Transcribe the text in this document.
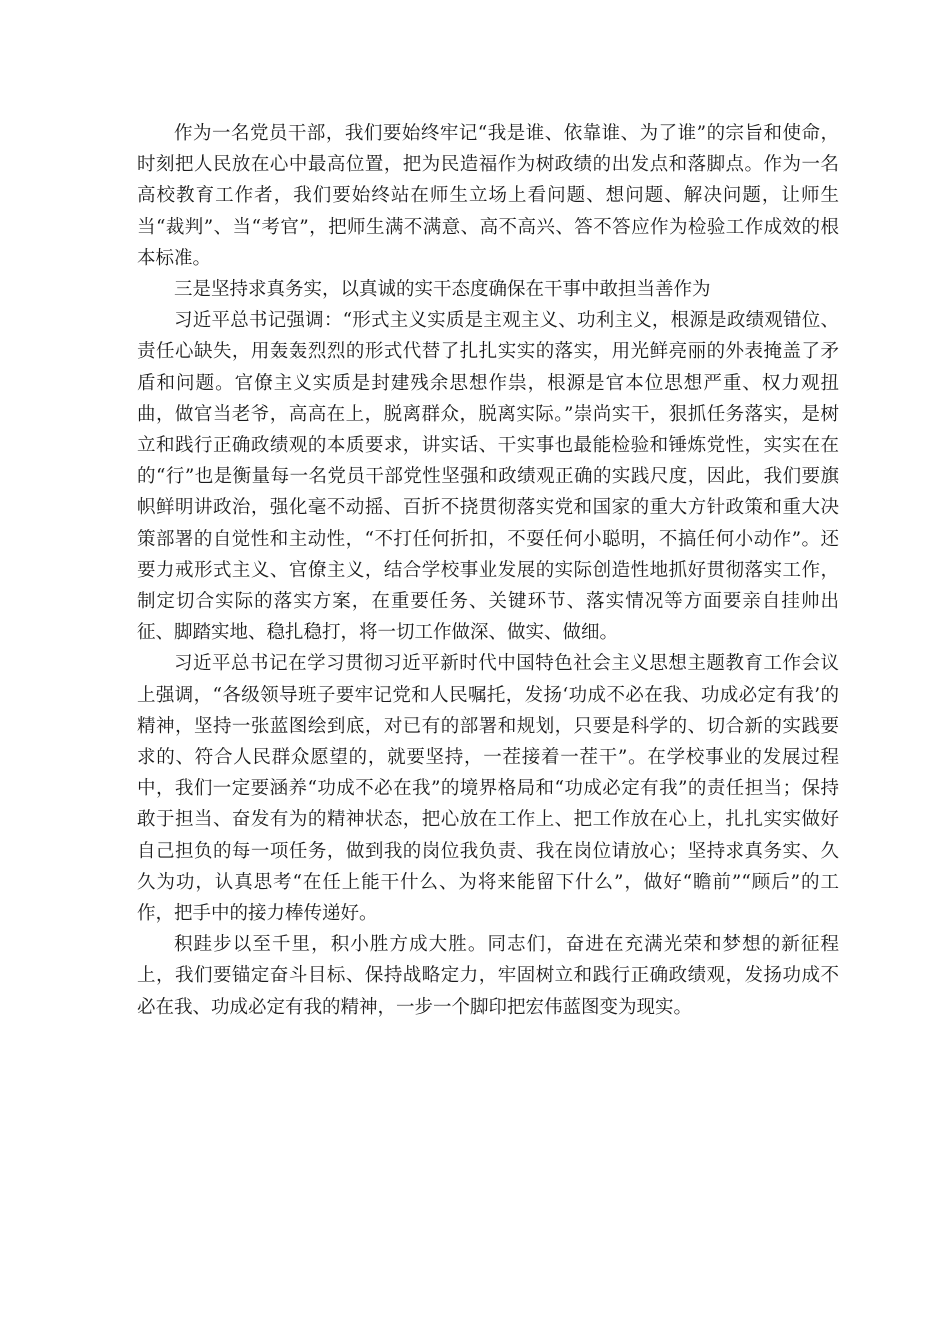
作为一名党员干部，我们要始终牢记“我是谁、依靠谁、为了谁”的宗旨和使命，时刻把人民放在心中最高位置，把为民造福作为树政绩的出发点和落脚点。作为一名高校教育工作者，我们要始终站在师生立场上看问题、想问题、解决问题，让师生当“裁判”、当“考官”，把师生满不满意、高不高兴、答不答应作为检验工作成效的根本标准。

三是坚持求真务实，以真诚的实干态度确保在干事中敢担当善作为

习近平总书记强调：“形式主义实质是主观主义、功利主义，根源是政绩观错位、责任心缺失，用轰轰烈烈的形式代替了扎扎实实的落实，用光鲜亮丽的外表掩盖了矛盾和问题。官僚主义实质是封建残余思想作祟，根源是官本位思想严重、权力观扭曲，做官当老爷，高高在上，脱离群众，脱离实际。”崇尚实干，狠抓任务落实，是树立和践行正确政绩观的本质要求，讲实话、干实事也最能检验和锤炼党性，实实在在的“行”也是衡量每一名党员干部党性坚强和政绩观正确的实践尺度，因此，我们要旗帜鲜明讲政治，强化毫不动摇、百折不挠贯彻落实党和国家的重大方针政策和重大决策部署的自觉性和主动性，“不打任何折扣，不耍任何小聪明，不搞任何小动作”。还要力戒形式主义、官僚主义，结合学校事业发展的实际创造性地抓好贯彻落实工作，制定切合实际的落实方案，在重要任务、关键环节、落实情况等方面要亲自挂帅出征、脚踏实地、稳扎稳打，将一切工作做深、做实、做细。

习近平总书记在学习贯彻习近平新时代中国特色社会主义思想主题教育工作会议上强调，“各级领导班子要牢记党和人民嘱托，发扬‘功成不必在我、功成必定有我’的精神，坚持一张蓝图绘到底，对已有的部署和规划，只要是科学的、切合新的实践要求的、符合人民群众愿望的，就要坚持，一茬接着一茬干”。在学校事业的发展过程中，我们一定要涵养“功成不必在我”的境界格局和“功成必定有我”的责任担当；保持敢于担当、奋发有为的精神状态，把心放在工作上、把工作放在心上，扎扎实实做好自己担负的每一项任务，做到我的岗位我负责、我在岗位请放心；坚持求真务实、久久为功，认真思考“在任上能干什么、为将来能留下什么”，做好“瞻前”“顾后”的工作，把手中的接力棒传递好。

积跬步以至千里，积小胜方成大胜。同志们，奋进在充满光荣和梦想的新征程上，我们要锚定奋斗目标、保持战略定力，牢固树立和践行正确政绩观，发扬功成不必在我、功成必定有我的精神，一步一个脚印把宏伟蓝图变为现实。
